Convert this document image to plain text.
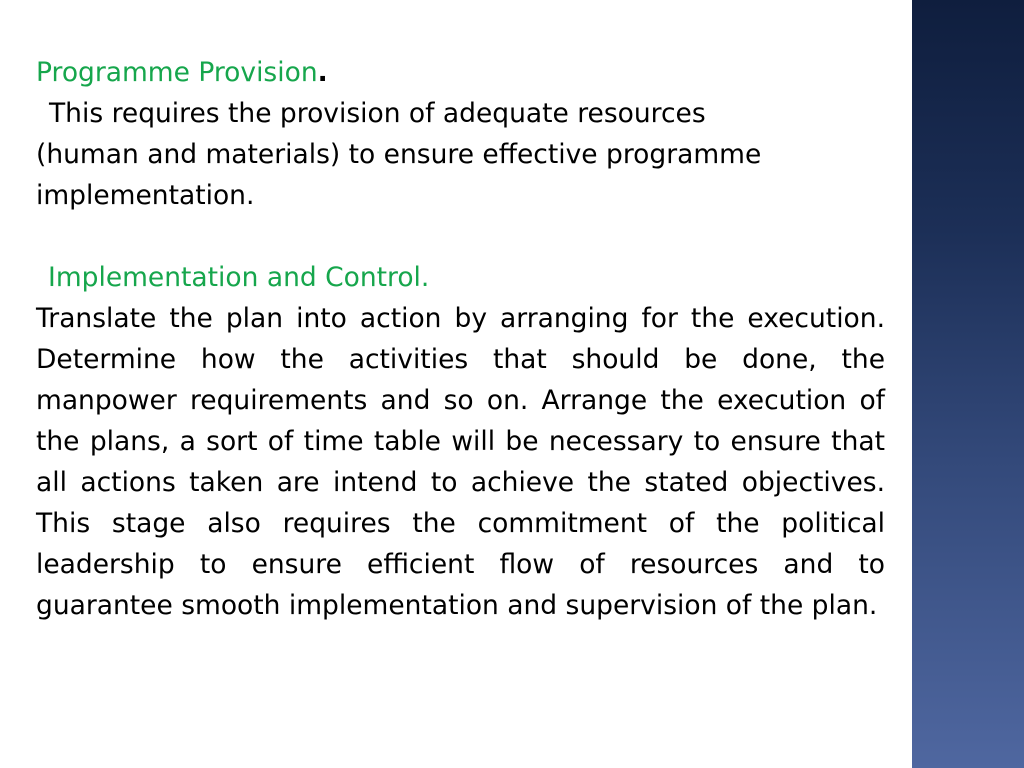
Programme Provision.
This requires the provision of adequate resources
(human and materials) to ensure effective programme
implementation.
Implementation and Control.
Translate the plan into action by arranging for the execution. Determine how the activities that should be done, the manpower requirements and so on. Arrange the execution of the plans, a sort of time table will be necessary to ensure that all actions taken are intend to achieve the stated objectives. This stage also requires the commitment of the political leadership to ensure efficient flow of resources and to guarantee smooth implementation and supervision of the plan.
